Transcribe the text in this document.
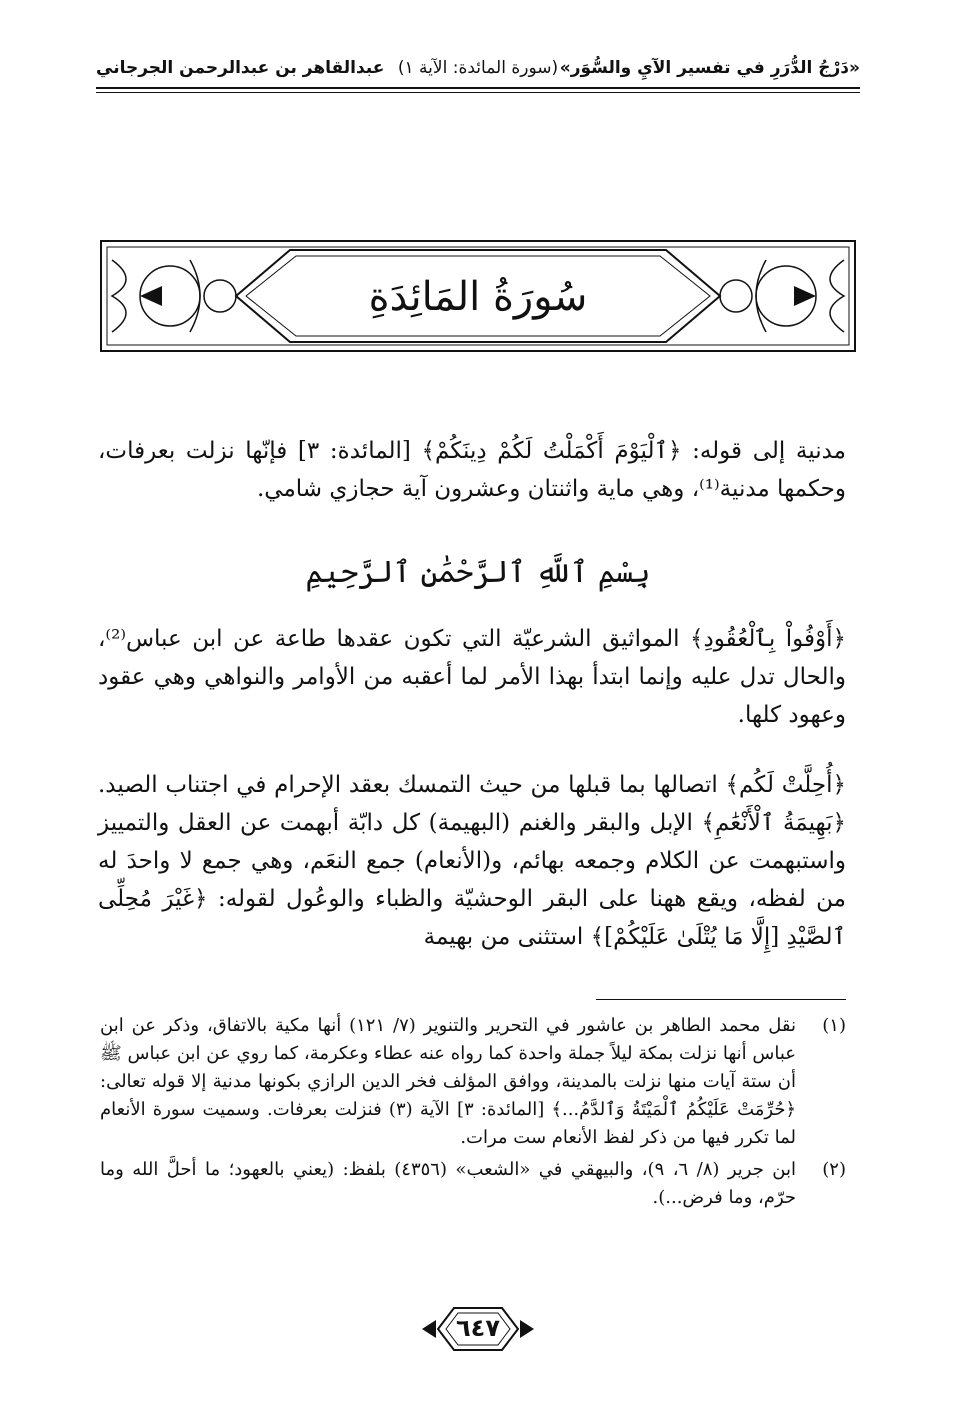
«دَرْجُ الدُّرَرِ في تفسير الآيِ والسُّوَر»
(سورة المائدة: الآية ١)
عبدالقاهر بن عبدالرحمن الجرجاني
سُورَةُ المَائِدَةِ
مدنية إلى قوله: ﴿ٱلْيَوْمَ أَكْمَلْتُ لَكُمْ دِينَكُمْ﴾ [المائدة: ٣] فإنّها نزلت بعرفات، وحكمها مدنية⁽¹⁾، وهي ماية واثنتان وعشرون آية حجازي شامي.
بِسْمِ ٱللَّهِ ٱلرَّحْمَٰنِ ٱلرَّحِيمِ
﴿أَوْفُواْ بِٱلْعُقُودِ﴾ المواثيق الشرعيّة التي تكون عقدها طاعة عن ابن عباس⁽²⁾، والحال تدل عليه وإنما ابتدأ بهذا الأمر لما أعقبه من الأوامر والنواهي وهي عقود وعهود كلها.
﴿أُحِلَّتْ لَكُم﴾ اتصالها بما قبلها من حيث التمسك بعقد الإحرام في اجتناب الصيد. ﴿بَهِيمَةُ ٱلْأَنْعَٰمِ﴾ الإبل والبقر والغنم (البهيمة) كل دابّة أبهمت عن العقل والتمييز واستبهمت عن الكلام وجمعه بهائم، و(الأنعام) جمع النعَم، وهي جمع لا واحدَ له من لفظه، ويقع ههنا على البقر الوحشيّة والظباء والوعُول لقوله: ﴿غَيْرَ مُحِلِّى ٱلصَّيْدِ [إِلَّا مَا يُتْلَىٰ عَلَيْكُمْ]﴾ استثنى من بهيمة
(١)
نقل محمد الطاهر بن عاشور في التحرير والتنوير (٧/ ١٢١) أنها مكية بالاتفاق، وذكر عن ابن عباس أنها نزلت بمكة ليلاً جملة واحدة كما رواه عنه عطاء وعكرمة، كما روي عن ابن عباس ﷺ أن ستة آيات منها نزلت بالمدينة، ووافق المؤلف فخر الدين الرازي بكونها مدنية إلا قوله تعالى: ﴿حُرِّمَتْ عَلَيْكُمُ ٱلْمَيْتَةُ وَٱلدَّمُ...﴾ [المائدة: ٣] الآية (٣) فنزلت بعرفات. وسميت سورة الأنعام لما تكرر فيها من ذكر لفظ الأنعام ست مرات.
(٢)
ابن جرير (٨/ ٦، ٩)، والبيهقي في «الشعب» (٤٣٥٦) بلفظ: (يعني بالعهود؛ ما أحلَّ الله وما حرّم، وما فرض...).
٦٤٧
